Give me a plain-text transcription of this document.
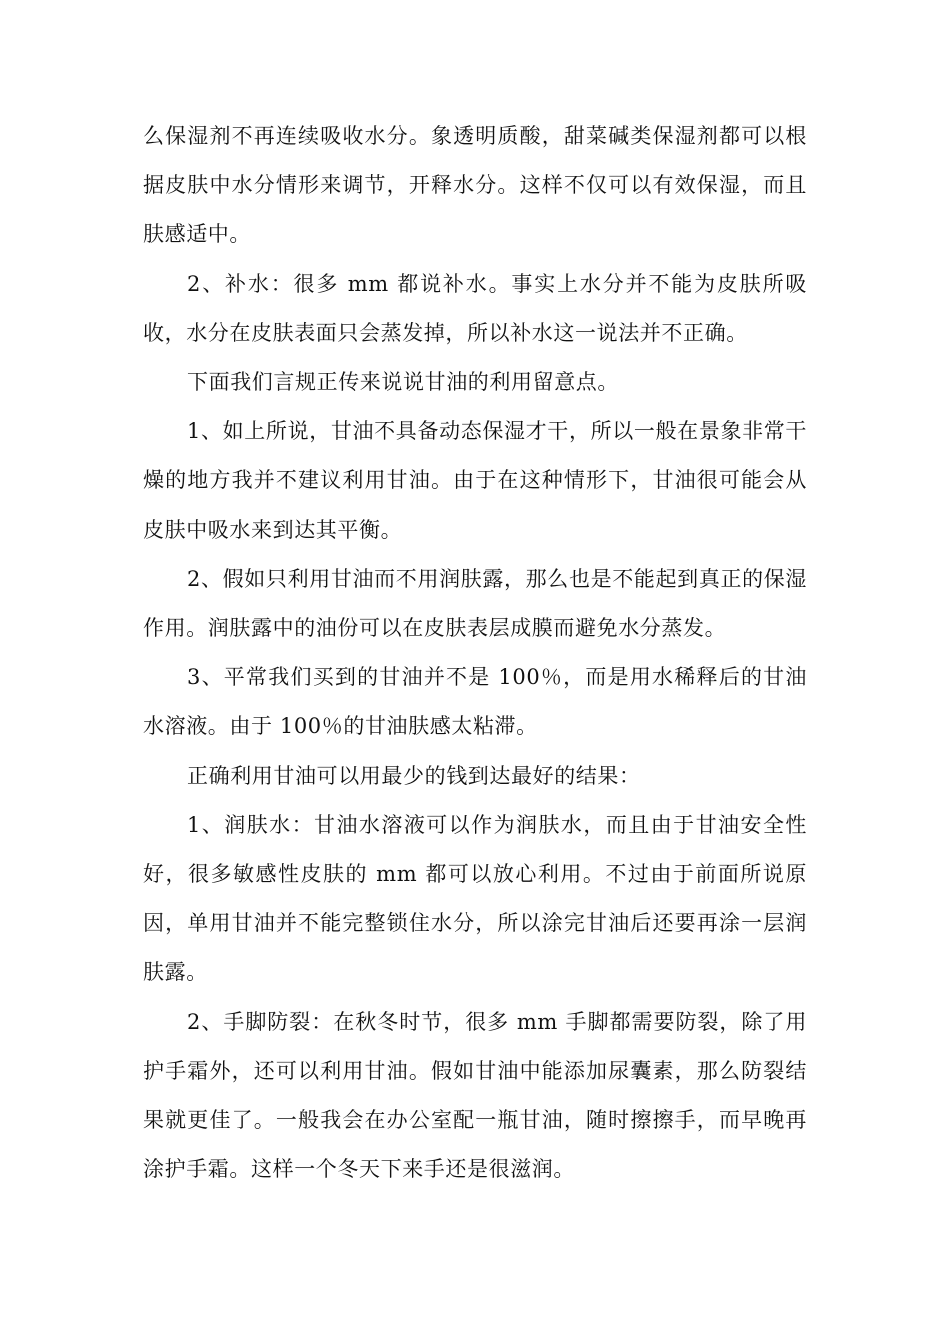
么保湿剂不再连续吸收水分。象透明质酸，甜菜碱类保湿剂都可以根据皮肤中水分情形来调节，开释水分。这样不仅可以有效保湿，而且肤感适中。

2、补水：很多 mm 都说补水。事实上水分并不能为皮肤所吸收，水分在皮肤表面只会蒸发掉，所以补水这一说法并不正确。

下面我们言规正传来说说甘油的利用留意点。

1、如上所说，甘油不具备动态保湿才干，所以一般在景象非常干燥的地方我并不建议利用甘油。由于在这种情形下，甘油很可能会从皮肤中吸水来到达其平衡。

2、假如只利用甘油而不用润肤露，那么也是不能起到真正的保湿作用。润肤露中的油份可以在皮肤表层成膜而避免水分蒸发。

3、平常我们买到的甘油并不是 100％，而是用水稀释后的甘油水溶液。由于 100％的甘油肤感太粘滞。

正确利用甘油可以用最少的钱到达最好的结果：

1、润肤水：甘油水溶液可以作为润肤水，而且由于甘油安全性好，很多敏感性皮肤的 mm 都可以放心利用。不过由于前面所说原因，单用甘油并不能完整锁住水分，所以涂完甘油后还要再涂一层润肤露。

2、手脚防裂：在秋冬时节，很多 mm 手脚都需要防裂，除了用护手霜外，还可以利用甘油。假如甘油中能添加尿囊素，那么防裂结果就更佳了。一般我会在办公室配一瓶甘油，随时擦擦手，而早晚再涂护手霜。这样一个冬天下来手还是很滋润。
